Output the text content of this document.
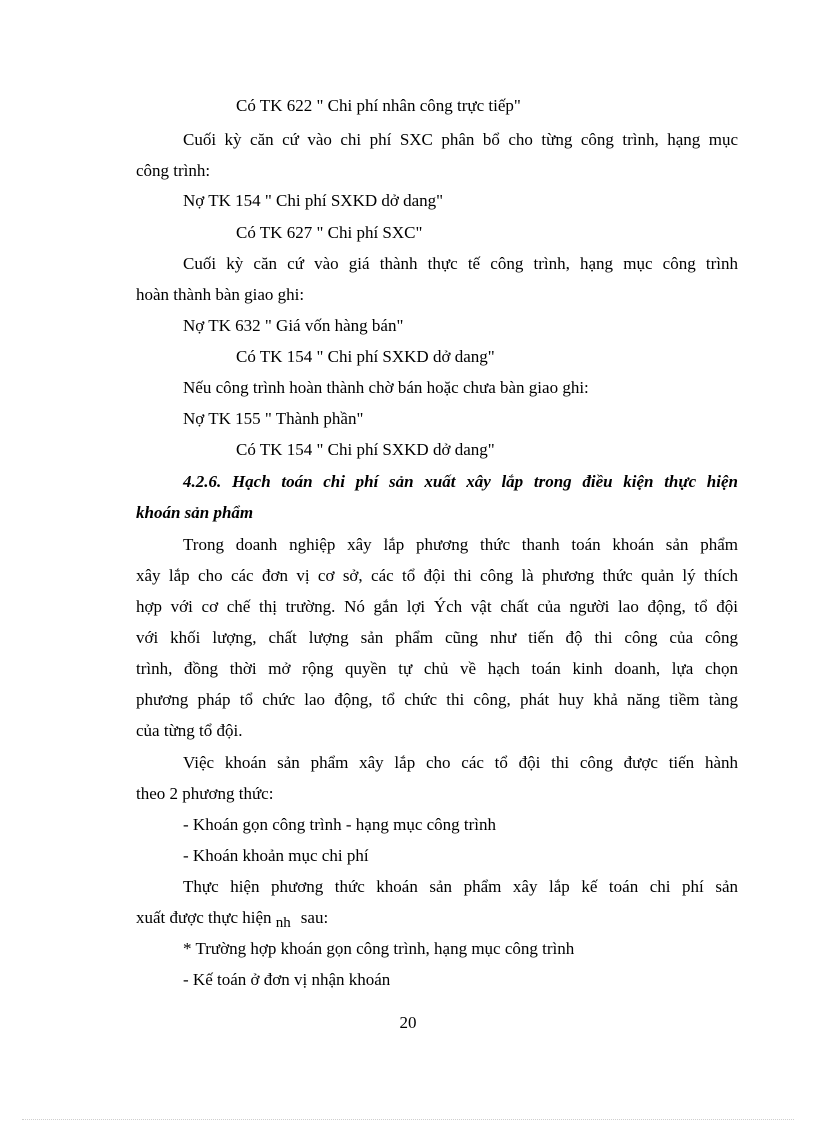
Có TK 622 " Chi phí nhân công trực tiếp"

Cuối kỳ căn cứ vào chi phí SXC phân bổ cho từng công trình, hạng mục

công trình:

Nợ TK 154 " Chi phí SXKD dở dang"

Có TK 627 " Chi phí SXC"

Cuối kỳ căn cứ vào giá thành thực tế công trình, hạng mục công trình

hoàn thành bàn giao ghi:

Nợ TK 632 " Giá vốn hàng bán"

Có TK 154 " Chi phí SXKD dở dang"

Nếu công trình hoàn thành chờ bán hoặc chưa bàn giao ghi:

Nợ TK 155 " Thành phần"

Có TK 154 " Chi phí SXKD dở dang"

4.2.6. Hạch toán chi phí sản xuất xây lắp trong điều kiện thực hiện

khoán sản phẩm

Trong doanh nghiệp xây lắp phương thức thanh toán khoán sản phẩm

xây lắp cho các đơn vị cơ sở, các tổ đội thi công là phương thức quản lý thích

hợp với cơ chế thị trường. Nó gắn lợi Ých vật chất của người lao động, tổ đội

với khối lượng, chất lượng sản phẩm cũng như tiến độ thi công của công

trình, đồng thời mở rộng quyền tự chủ về hạch toán kinh doanh, lựa chọn

phương pháp tổ chức lao động, tổ chức thi công, phát huy khả năng tiềm tàng

của từng tổ đội.

Việc khoán sản phẩm xây lắp cho các tổ đội thi công được tiến hành

theo 2 phương thức:

- Khoán gọn công trình - hạng mục công trình

- Khoán khoản mục chi phí

Thực hiện phương thức khoán sản phẩm xây lắp kế toán chi phí sản

xuất được thực hiện nh sau:

* Trường hợp khoán gọn công trình, hạng mục công trình

- Kế toán ở đơn vị nhận khoán

20
